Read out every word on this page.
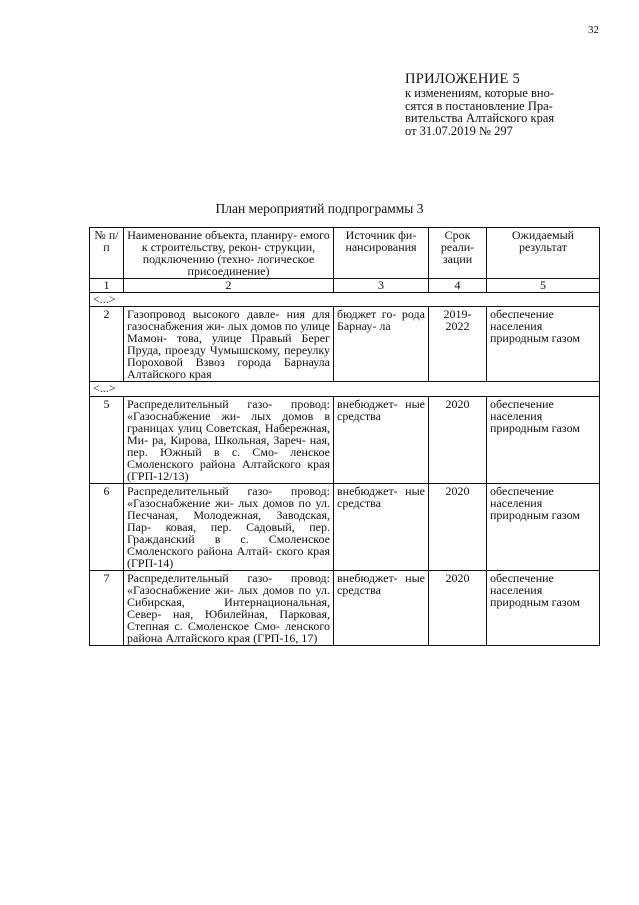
32
ПРИЛОЖЕНИЕ 5
к изменениям, которые вно-
сятся в постановление Пра-
вительства Алтайского края
от 31.07.2019 № 297
План мероприятий подпрограммы 3
№ п/ п	Наименование объекта, планиру- емого к строительству, рекон- струкции, подключению (техно- логическое присоединение)	Источник фи- нансирования	Срок реали- зации	Ожидаемый результат
1	2	3	4	5
<...>				
2	Газопровод высокого давле- ния для газоснабжения жи- лых домов по улице Мамон- това, улице Правый Берег Пруда, проезду Чумышскому, переулку Пороховой Взвоз города Барнаула Алтайского края	бюджет го- рода Барнау- ла	2019- 2022	обеспечение населения природным газом
<...>				
5	Распределительный газо- провод: «Газоснабжение жи- лых домов в границах улиц Советская, Набережная, Ми- ра, Кирова, Школьная, Зареч- ная, пер. Южный в с. Смо- ленское Смоленского района Алтайского края (ГРП-12/13)	внебюджет- ные средства	2020	обеспечение населения природным газом
6	Распределительный газо- провод: «Газоснабжение жи- лых домов по ул. Песчаная, Молодежная, Заводская, Пар- ковая, пер. Садовый, пер. Гражданский в с. Смоленское Смоленского района Алтай- ского края (ГРП-14)	внебюджет- ные средства	2020	обеспечение населения природным газом
7	Распределительный газо- провод: «Газоснабжение жи- лых домов по ул. Сибирская, Интернациональная, Север- ная, Юбилейная, Парковая, Степная с. Смоленское Смо- ленского района Алтайского края (ГРП-16, 17)	внебюджет- ные средства	2020	обеспечение населения природным газом
